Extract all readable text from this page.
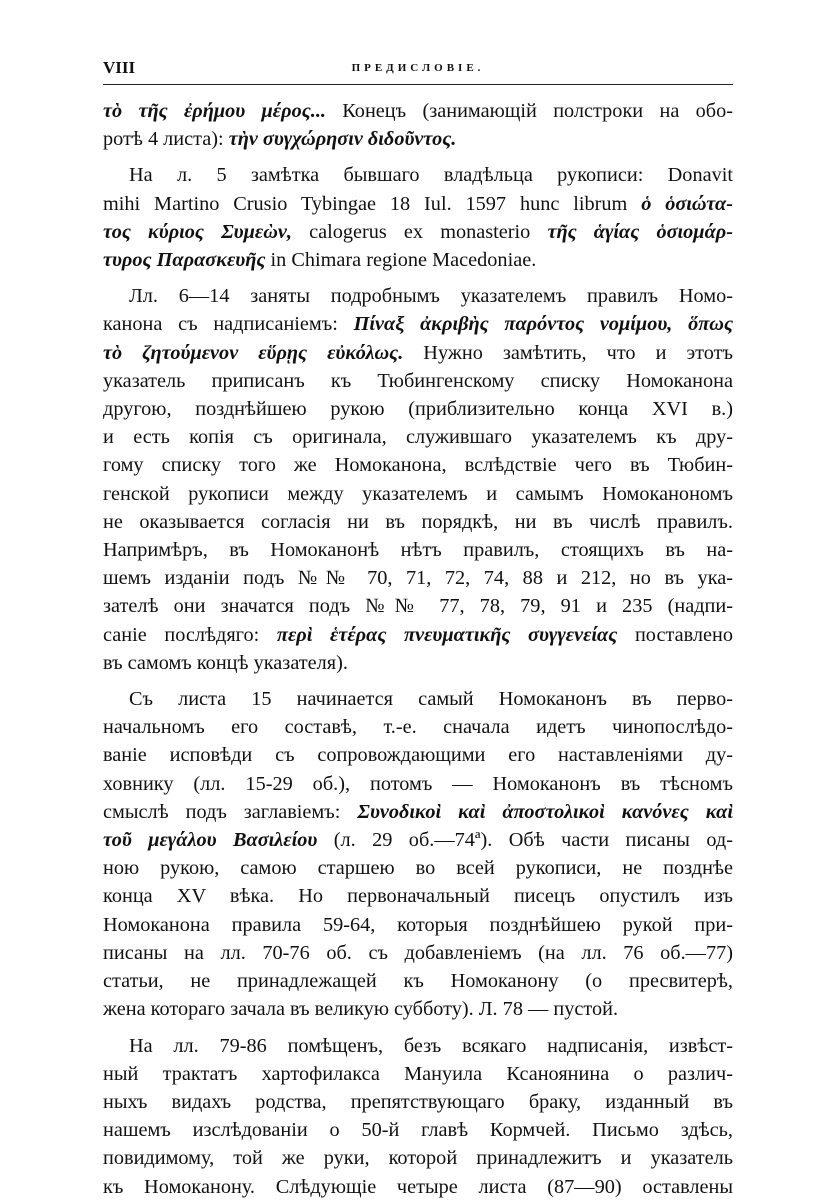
VIII	ПРЕДИСЛОВІЕ.
τὸ τῆς ἐρήμου μέρος... Конецъ (занимающій полстроки на обо-
ротѣ 4 листа): τὴν συγχώρησιν διδοῦντος.
На л. 5 замѣтка бывшаго владѣльца рукописи: Donavit
mihi Martino Crusio Tybingae 18 Iul. 1597 hunc librum ὁ ὁσιώτα-
τος κύριος Συμεὼν, calogerus ex monasterio τῆς ἁγίας ὁσιομάρ-
τυρος Παρασκευῆς in Chimara regione Macedoniae.
Лл. 6—14 заняты подробнымъ указателемъ правилъ Номо-
канона съ надписаніемъ: Πίναξ ἀκριβὴς παρόντος νομίμου, ὅπως
τὸ ζητούμενον εὕρῃς εὐκόλως. Нужно замѣтить, что и этотъ
указатель приписанъ къ Тюбингенскому списку Номоканона
другою, позднѣйшею рукою (приблизительно конца XVI в.)
и есть копія съ оригинала, служившаго указателемъ къ дру-
гому списку того же Номоканона, вслѣдствіе чего въ Тюбин-
генской рукописи между указателемъ и самымъ Номоканономъ
не оказывается согласія ни въ порядкѣ, ни въ числѣ правилъ.
Напримѣръ, въ Номоканонѣ нѣтъ правилъ, стоящихъ въ на-
шемъ изданіи подъ №№ 70, 71, 72, 74, 88 и 212, но въ ука-
зателѣ они значатся подъ №№ 77, 78, 79, 91 и 235 (надпи-
саніе послѣдяго: περὶ ἑτέρας πνευματικῆς συγγενείας поставлено
въ самомъ концѣ указателя).
Съ листа 15 начинается самый Номоканонъ въ перво-
начальномъ его составѣ, т.-е. сначала идетъ чинопослѣдо-
ваніе исповѣди съ сопровождающими его наставленіями ду-
ховнику (лл. 15-29 об.), потомъ — Номоканонъ въ тѣсномъ
смыслѣ подъ заглавіемъ: Συνοδικοὶ καὶ ἀποστολικοὶ κανόνες καὶ
τοῦ μεγάλου Βασιλείου (л. 29 об.—74ª). Обѣ части писаны од-
ною рукою, самою старшею во всей рукописи, не позднѣе
конца XV вѣка. Но первоначальный писецъ опустилъ изъ
Номоканона правила 59-64, которыя позднѣйшею рукой при-
писаны на лл. 70-76 об. съ добавленіемъ (на лл. 76 об.—77)
статьи, не принадлежащей къ Номоканону (о пресвитерѣ,
жена котораго зачала въ великую субботу). Л. 78 — пустой.
На лл. 79-86 помѣщенъ, безъ всякаго надписанія, извѣст-
ный трактатъ хартофилакса Мануила Ксаноянина о различ-
ныхъ видахъ родства, препятствующаго браку, изданный въ
нашемъ изслѣдованіи о 50-й главѣ Кормчей. Письмо здѣсь,
повидимому, той же руки, которой принадлежитъ и указатель
къ Номоканону. Слѣдующіе четыре листа (87—90) оставлены
